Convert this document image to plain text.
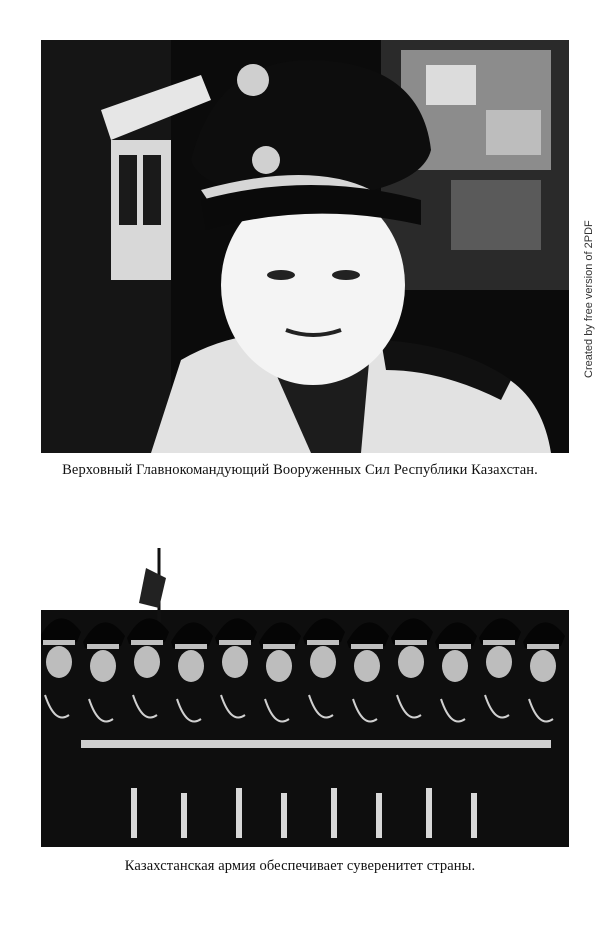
Верховный Главнокомандующий Вооруженных Сил Республики Казахстан.
Казахстанская армия обеспечивает суверенитет страны.
Created by free version of 2PDF
